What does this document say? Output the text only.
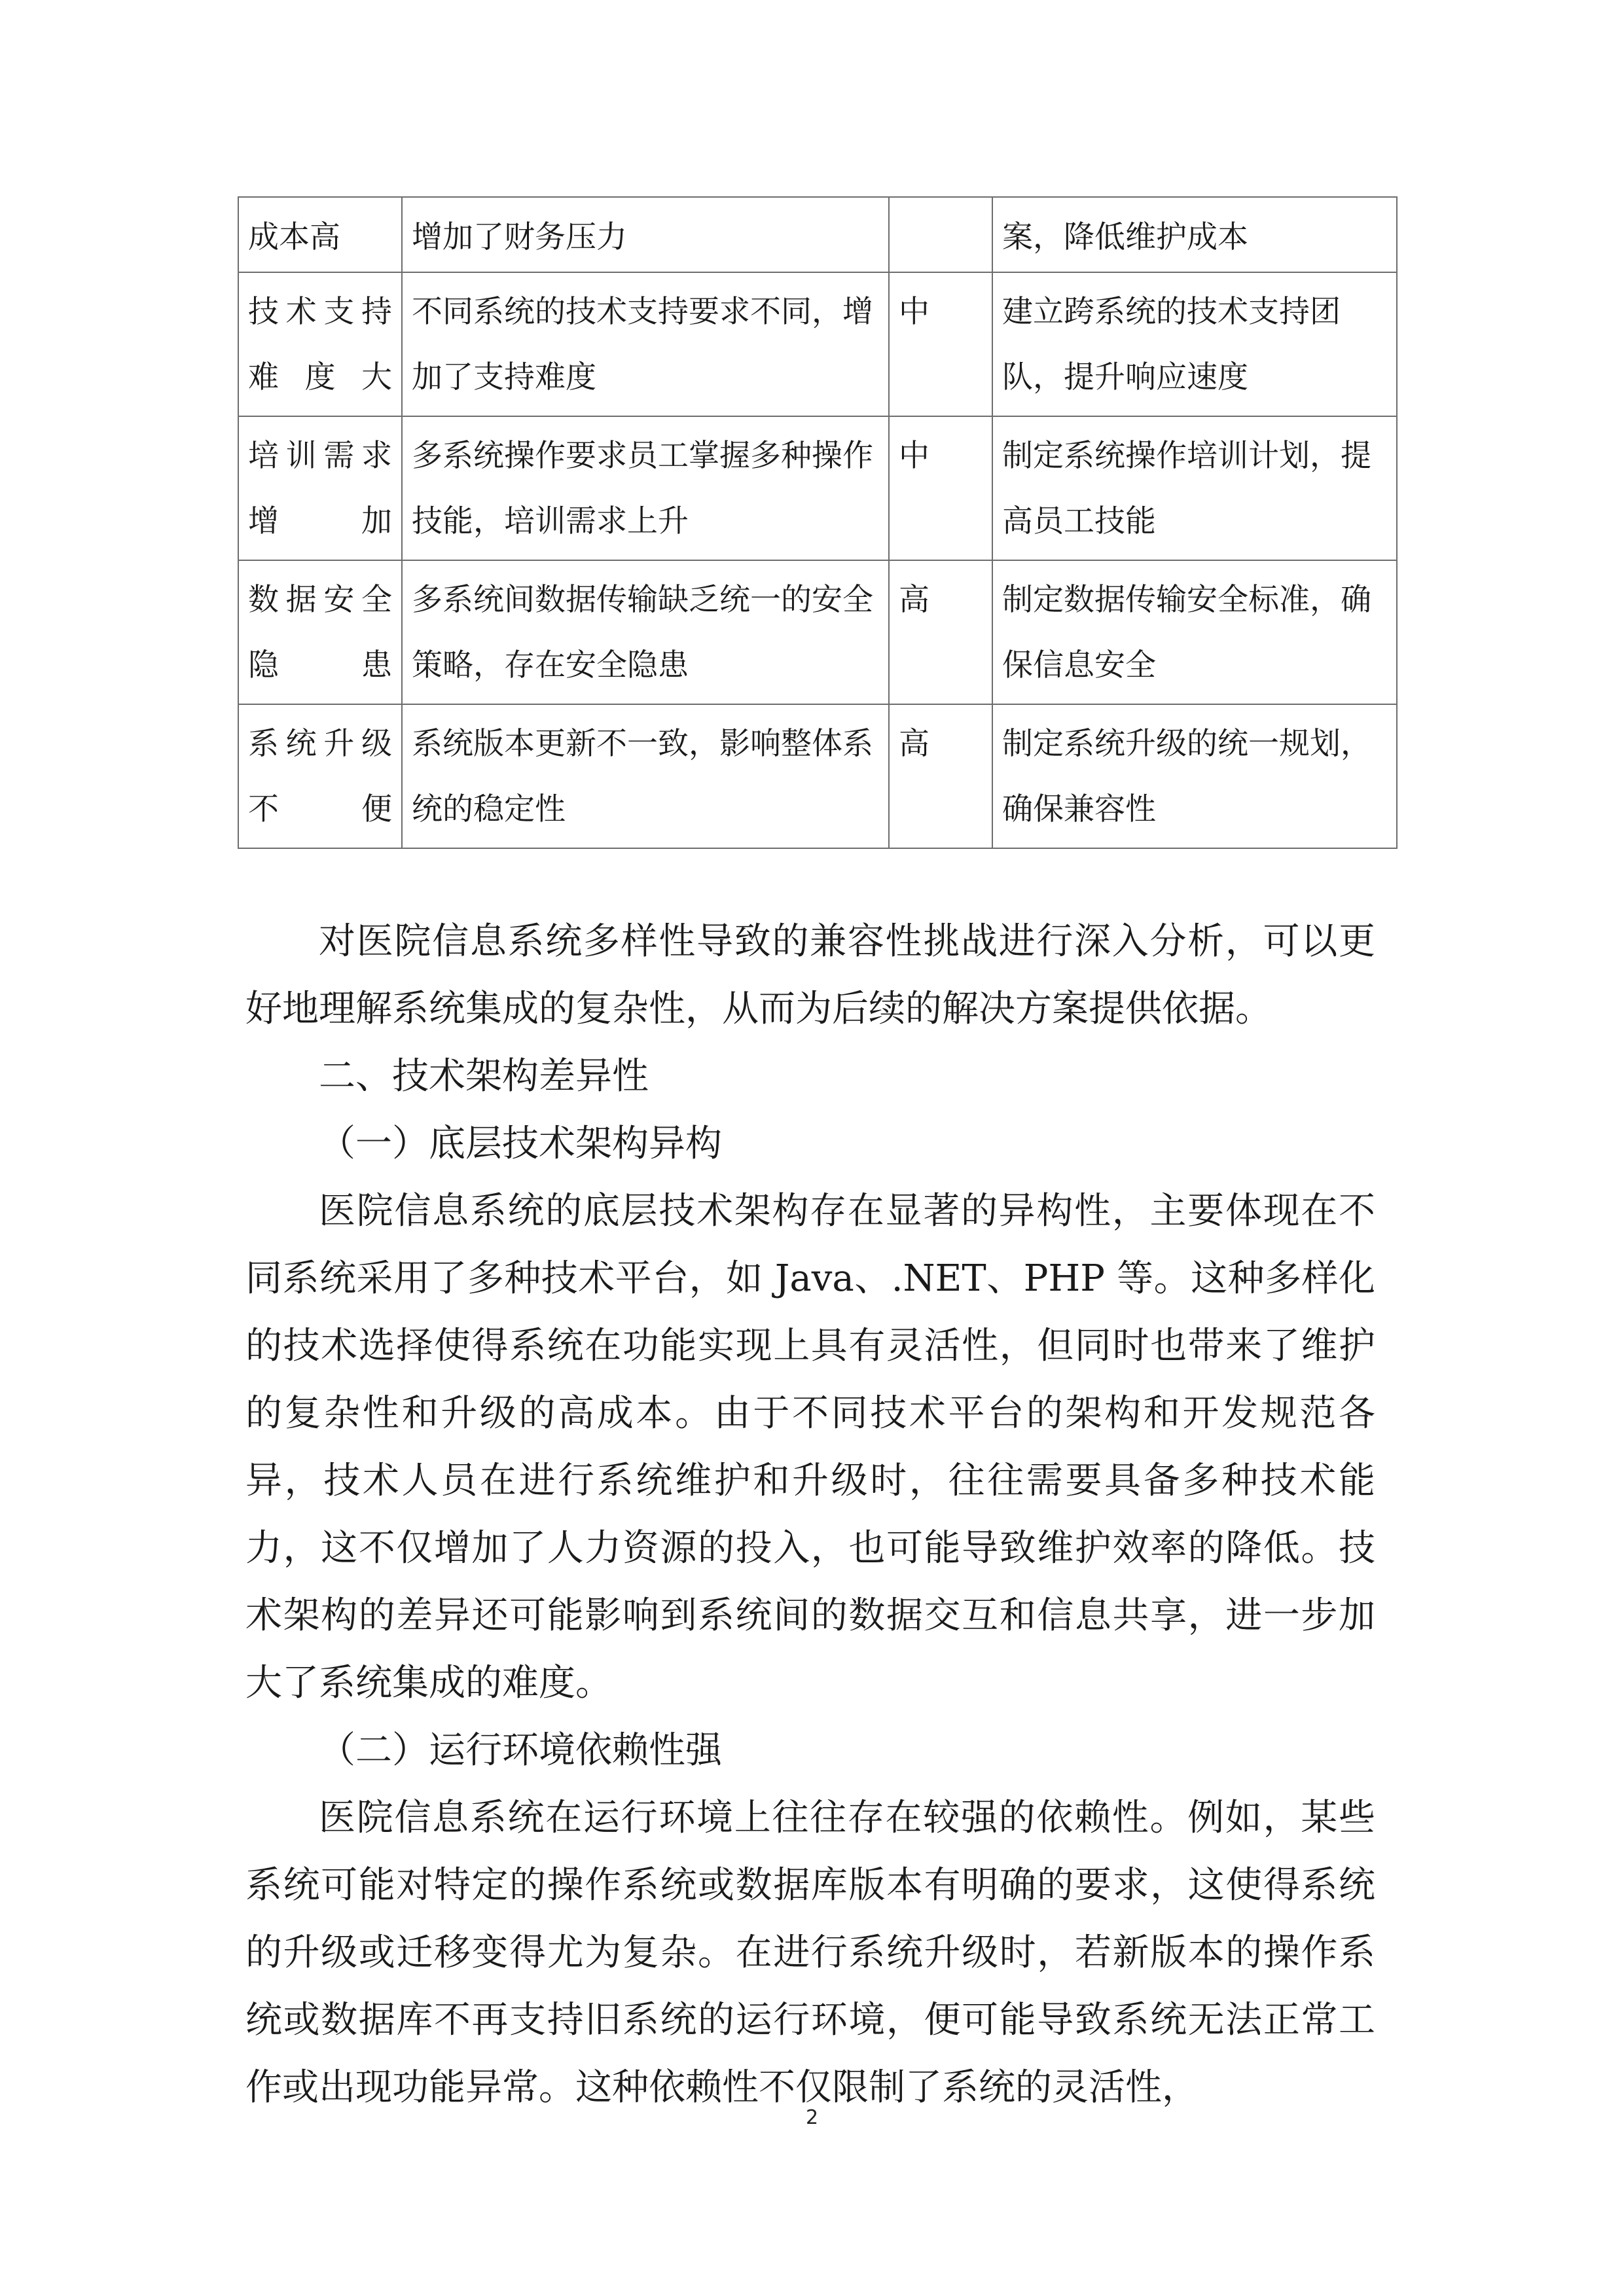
成本高	增加了财务压力		案，降低维护成本
技术支持难度大	不同系统的技术支持要求不同，增加了支持难度	中	建立跨系统的技术支持团队，提升响应速度
培训需求增加	多系统操作要求员工掌握多种操作技能，培训需求上升	中	制定系统操作培训计划，提高员工技能
数据安全隐患	多系统间数据传输缺乏统一的安全策略，存在安全隐患	高	制定数据传输安全标准，确保信息安全
系统升级不便	系统版本更新不一致，影响整体系统的稳定性	高	制定系统升级的统一规划，确保兼容性

对医院信息系统多样性导致的兼容性挑战进行深入分析，可以更好地理解系统集成的复杂性，从而为后续的解决方案提供依据。

二、技术架构差异性

（一）底层技术架构异构

医院信息系统的底层技术架构存在显著的异构性，主要体现在不同系统采用了多种技术平台，如 Java、.NET、PHP 等。这种多样化的技术选择使得系统在功能实现上具有灵活性，但同时也带来了维护的复杂性和升级的高成本。由于不同技术平台的架构和开发规范各异，技术人员在进行系统维护和升级时，往往需要具备多种技术能力，这不仅增加了人力资源的投入，也可能导致维护效率的降低。技术架构的差异还可能影响到系统间的数据交互和信息共享，进一步加大了系统集成的难度。

（二）运行环境依赖性强

医院信息系统在运行环境上往往存在较强的依赖性。例如，某些系统可能对特定的操作系统或数据库版本有明确的要求，这使得系统的升级或迁移变得尤为复杂。在进行系统升级时，若新版本的操作系统或数据库不再支持旧系统的运行环境，便可能导致系统无法正常工作或出现功能异常。这种依赖性不仅限制了系统的灵活性，

2
